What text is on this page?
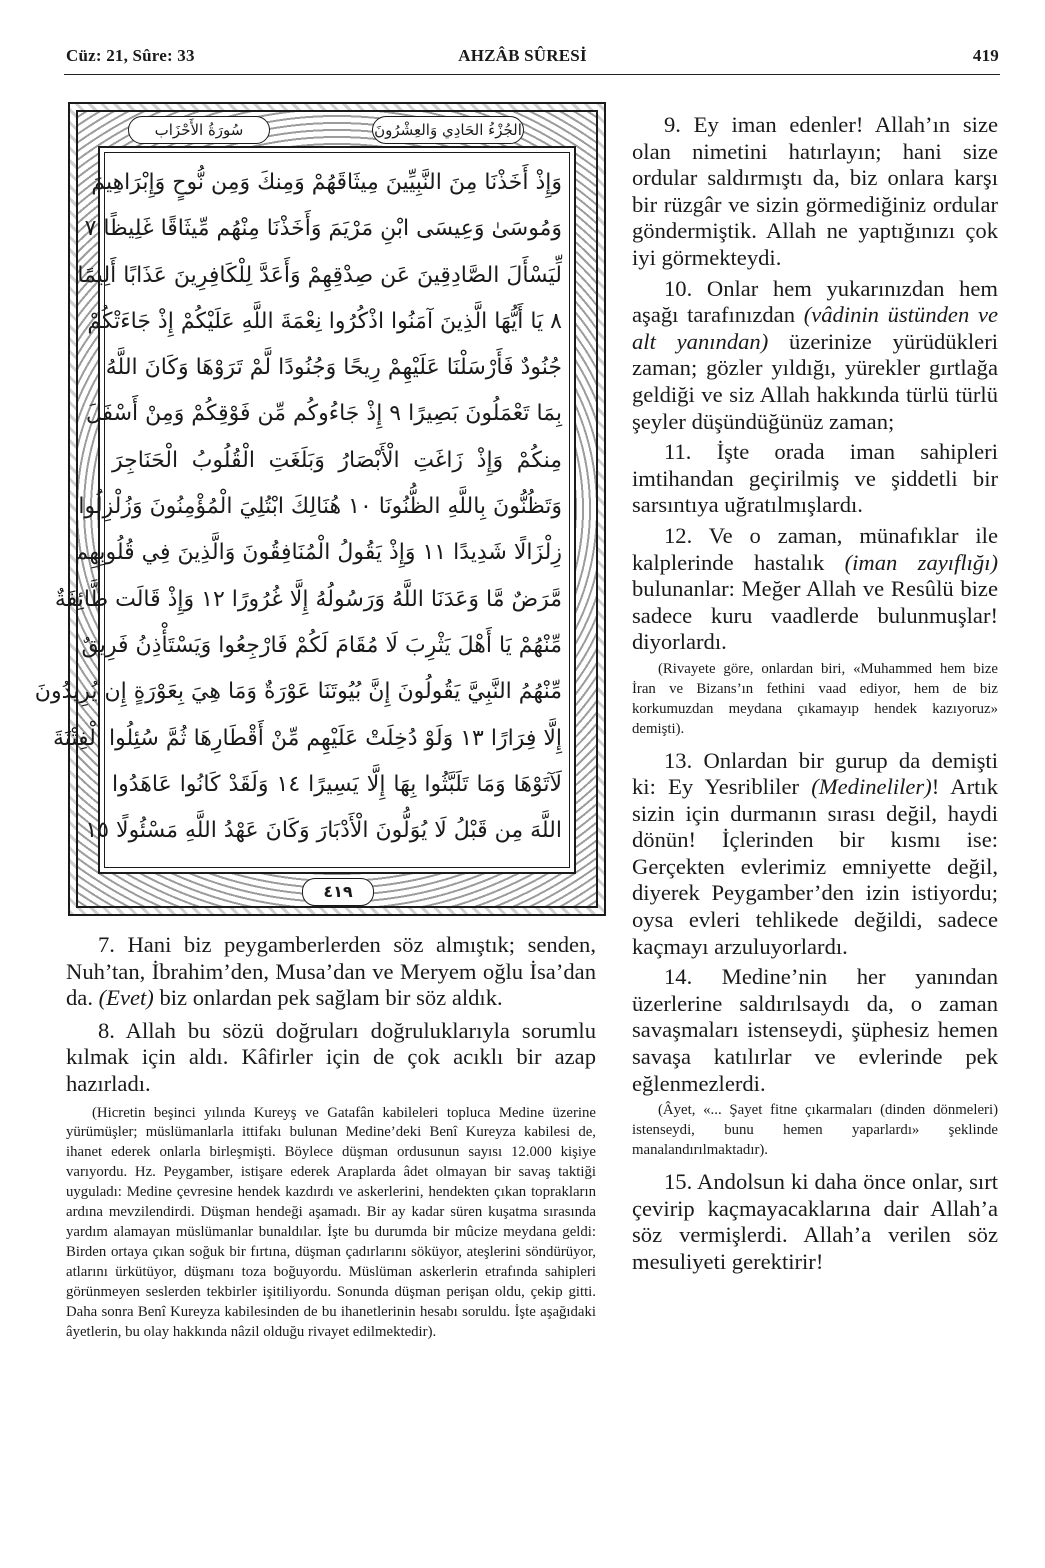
Cüz: 21, Sûre: 33	AHZÂB SÛRESİ	419
سُورَةُ الأَحْزَاب	الجُزْءُ الحَادِي وَالعِشْرُونَ
وَإِذْ أَخَذْنَا مِنَ النَّبِيِّينَ مِيثَاقَهُمْ وَمِنكَ وَمِن نُّوحٍ وَإِبْرَاهِيمَ
وَمُوسَىٰ وَعِيسَى ابْنِ مَرْيَمَ وَأَخَذْنَا مِنْهُم مِّيثَاقًا غَلِيظًا ٧
لِّيَسْأَلَ الصَّادِقِينَ عَن صِدْقِهِمْ وَأَعَدَّ لِلْكَافِرِينَ عَذَابًا أَلِيمًا
٨ يَا أَيُّهَا الَّذِينَ آمَنُوا اذْكُرُوا نِعْمَةَ اللَّهِ عَلَيْكُمْ إِذْ جَاءَتْكُمْ
جُنُودٌ فَأَرْسَلْنَا عَلَيْهِمْ رِيحًا وَجُنُودًا لَّمْ تَرَوْهَا وَكَانَ اللَّهُ
بِمَا تَعْمَلُونَ بَصِيرًا ٩ إِذْ جَاءُوكُم مِّن فَوْقِكُمْ وَمِنْ أَسْفَلَ
مِنكُمْ وَإِذْ زَاغَتِ الْأَبْصَارُ وَبَلَغَتِ الْقُلُوبُ الْحَنَاجِرَ
وَتَظُنُّونَ بِاللَّهِ الظُّنُونَا ١٠ هُنَالِكَ ابْتُلِيَ الْمُؤْمِنُونَ وَزُلْزِلُوا
زِلْزَالًا شَدِيدًا ١١ وَإِذْ يَقُولُ الْمُنَافِقُونَ وَالَّذِينَ فِي قُلُوبِهِم
مَّرَضٌ مَّا وَعَدَنَا اللَّهُ وَرَسُولُهُ إِلَّا غُرُورًا ١٢ وَإِذْ قَالَت طَّائِفَةٌ
مِّنْهُمْ يَا أَهْلَ يَثْرِبَ لَا مُقَامَ لَكُمْ فَارْجِعُوا وَيَسْتَأْذِنُ فَرِيقٌ
مِّنْهُمُ النَّبِيَّ يَقُولُونَ إِنَّ بُيُوتَنَا عَوْرَةٌ وَمَا هِيَ بِعَوْرَةٍ إِن يُرِيدُونَ
إِلَّا فِرَارًا ١٣ وَلَوْ دُخِلَتْ عَلَيْهِم مِّنْ أَقْطَارِهَا ثُمَّ سُئِلُوا الْفِتْنَةَ
لَآتَوْهَا وَمَا تَلَبَّثُوا بِهَا إِلَّا يَسِيرًا ١٤ وَلَقَدْ كَانُوا عَاهَدُوا
اللَّهَ مِن قَبْلُ لَا يُوَلُّونَ الْأَدْبَارَ وَكَانَ عَهْدُ اللَّهِ مَسْئُولًا ١٥
٤١٩

7. Hani biz peygamberlerden söz almıştık; senden, Nuh’tan, İbrahim’den, Musa’dan ve Meryem oğlu İsa’dan da. (Evet) biz onlardan pek sağlam bir söz aldık.

8. Allah bu sözü doğruları doğruluklarıyla sorumlu kılmak için aldı. Kâfirler için de çok acıklı bir azap hazırladı.

(Hicretin beşinci yılında Kureyş ve Gatafân kabileleri topluca Medine üzerine yürümüşler; müslümanlarla ittifakı bulunan Medine’deki Benî Kureyza kabilesi de, ihanet ederek onlarla birleşmişti. Böylece düşman ordusunun sayısı 12.000 kişiye varıyordu. Hz. Peygamber, istişare ederek Araplarda âdet olmayan bir savaş taktiği uyguladı: Medine çevresine hendek kazdırdı ve askerlerini, hendekten çıkan toprakların ardına mevzilendirdi. Düşman hendeği aşamadı. Bir ay kadar süren kuşatma sırasında yardım alamayan müslümanlar bunaldılar. İşte bu durumda bir mûcize meydana geldi: Birden ortaya çıkan soğuk bir fırtına, düşman çadırlarını söküyor, ateşlerini söndürüyor, atlarını ürkütüyor, düşmanı toza boğuyordu. Müslüman askerlerin etrafında sahipleri görünmeyen seslerden tekbirler işitiliyordu. Sonunda düşman perişan oldu, çekip gitti. Daha sonra Benî Kureyza kabilesinden de bu ihanetlerinin hesabı soruldu. İşte aşağıdaki âyetlerin, bu olay hakkında nâzil olduğu rivayet edilmektedir).

9. Ey iman edenler! Allah’ın size olan nimetini hatırlayın; hani size ordular saldırmıştı da, biz onlara karşı bir rüzgâr ve sizin görmediğiniz ordular göndermiştik. Allah ne yaptığınızı çok iyi görmekteydi.

10. Onlar hem yukarınızdan hem aşağı tarafınızdan (vâdinin üstünden ve alt yanından) üzerinize yürüdükleri zaman; gözler yıldığı, yürekler gırtlağa geldiği ve siz Allah hakkında türlü türlü şeyler düşündüğünüz zaman;

11. İşte orada iman sahipleri imtihandan geçirilmiş ve şiddetli bir sarsıntıya uğratılmışlardı.

12. Ve o zaman, münafıklar ile kalplerinde hastalık (iman zayıflığı) bulunanlar: Meğer Allah ve Resûlü bize sadece kuru vaadlerde bulunmuşlar! diyorlardı.

(Rivayete göre, onlardan biri, «Muhammed hem bize İran ve Bizans’ın fethini vaad ediyor, hem de biz korkumuzdan meydana çıkamayıp hendek kazıyoruz» demişti).

13. Onlardan bir gurup da demişti ki: Ey Yesribliler (Medineliler)! Artık sizin için durmanın sırası değil, haydi dönün! İçlerinden bir kısmı ise: Gerçekten evlerimiz emniyette değil, diyerek Peygamber’den izin istiyordu; oysa evleri tehlikede değildi, sadece kaçmayı arzuluyorlardı.

14. Medine’nin her yanından üzerlerine saldırılsaydı da, o zaman savaşmaları istenseydi, şüphesiz hemen savaşa katılırlar ve evlerinde pek eğlenmezlerdi.

(Âyet, «... Şayet fitne çıkarmaları (dinden dönmeleri) istenseydi, bunu hemen yaparlardı» şeklinde manalandırılmaktadır).

15. Andolsun ki daha önce onlar, sırt çevirip kaçmayacaklarına dair Allah’a söz vermişlerdi. Allah’a verilen söz mesuliyeti gerektirir!
